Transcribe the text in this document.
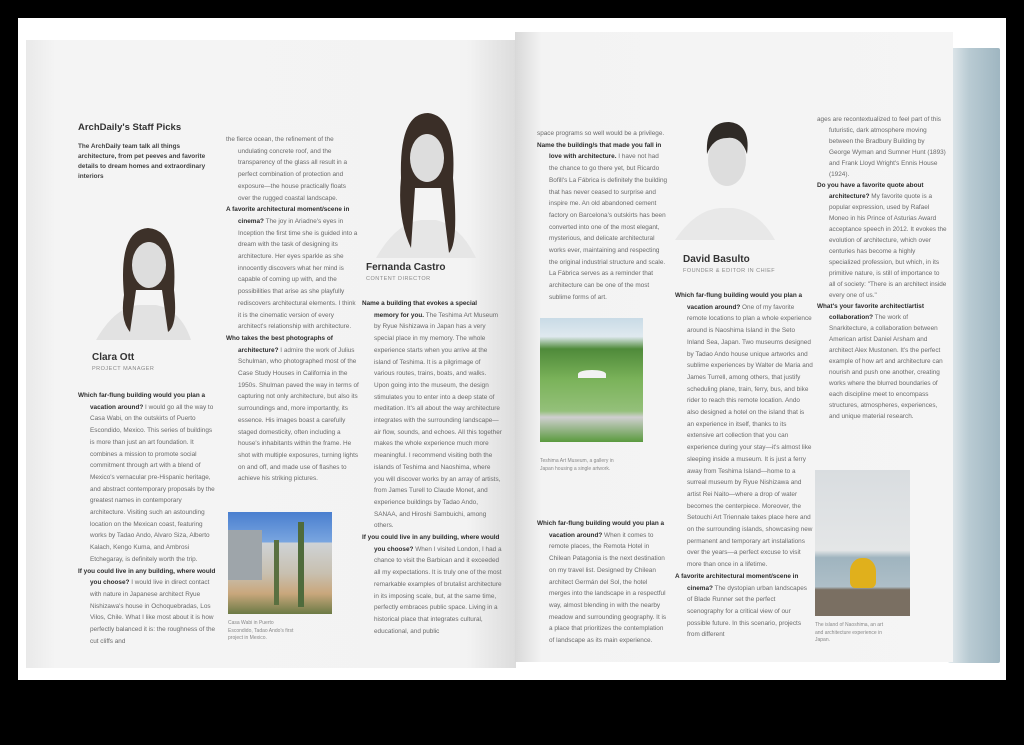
ArchDaily's Staff Picks
The ArchDaily team talk all things architecture, from pet peeves and favorite details to dream homes and extraordinary interiors
Clara Ott
PROJECT MANAGER

Which far-flung building would you plan a vacation around? I would go all the way to Casa Wabi, on the outskirts of Puerto Escondido, Mexico. This series of buildings is more than just an art foundation. It combines a mission to promote social commitment through art with a blend of Mexico's vernacular pre-Hispanic heritage, and abstract contemporary proposals by the greatest names in contemporary architecture. Visiting such an astounding location on the Mexican coast, featuring works by Tadao Ando, Alvaro Siza, Alberto Kalach, Kengo Kuma, and Ambrosi Etchegaray, is definitely worth the trip.

If you could live in any building, where would you choose? I would live in direct contact with nature in Japanese architect Ryue Nishizawa's house in Ochoquebradas, Los Vilos, Chile. What I like most about it is how perfectly balanced it is: the roughness of the cut cliffs and

the fierce ocean, the refinement of the undulating concrete roof, and the transparency of the glass all result in a perfect combination of protection and exposure—the house practically floats over the rugged coastal landscape.

A favorite architectural moment/scene in cinema? The joy in Ariadne's eyes in Inception the first time she is guided into a dream with the task of designing its architecture. Her eyes sparkle as she innocently discovers what her mind is capable of coming up with, and the possibilities that arise as she playfully rediscovers architectural elements. I think it is the cinematic version of every architect's relationship with architecture.

Who takes the best photographs of architecture? I admire the work of Julius Schulman, who photographed most of the Case Study Houses in California in the 1950s. Shulman paved the way in terms of capturing not only architecture, but also its surroundings and, more importantly, its essence. His images boast a carefully staged domesticity, often including a house's inhabitants within the frame. He shot with multiple exposures, turning lights on and off, and made use of flashes to achieve his striking pictures.

Casa Wabi in Puerto Escondido, Tadao Ando's first project in Mexico.
Fernanda Castro
CONTENT DIRECTOR

Name a building that evokes a special memory for you. The Teshima Art Museum by Ryue Nishizawa in Japan has a very special place in my memory. The whole experience starts when you arrive at the island of Teshima. It is a pilgrimage of various routes, trains, boats, and walks. Upon going into the museum, the design stimulates you to enter into a deep state of meditation. It's all about the way architecture integrates with the surrounding landscape—air flow, sounds, and echoes. All this together makes the whole experience much more meaningful. I recommend visiting both the islands of Teshima and Naoshima, where you will discover works by an array of artists, from James Turell to Claude Monet, and experience buildings by Tadao Ando, SANAA, and Hiroshi Sambuichi, among others.

If you could live in any building, where would you choose? When I visited London, I had a chance to visit the Barbican and it exceeded all my expectations. It is truly one of the most remarkable examples of brutalist architecture in its imposing scale, but, at the same time, perfectly embraces public space. Living in a historical place that integrates cultural, educational, and public

space programs so well would be a privilege.

Name the building/s that made you fall in love with architecture. I have not had the chance to go there yet, but Ricardo Bofill's La Fábrica is definitely the building that has never ceased to surprise and inspire me. An old abandoned cement factory on Barcelona's outskirts has been converted into one of the most elegant, mysterious, and delicate architectural works ever, maintaining and respecting the original industrial structure and scale. La Fábrica serves as a reminder that architecture can be one of the most sublime forms of art.

Teshima Art Museum, a gallery in Japan housing a single artwork.

Which far-flung building would you plan a vacation around? When it comes to remote places, the Remota Hotel in Chilean Patagonia is the next destination on my travel list. Designed by Chilean architect Germán del Sol, the hotel merges into the landscape in a respectful way, almost blending in with the nearby meadow and surrounding geography. It is a place that prioritizes the contemplation of landscape as its main experience.

David Basulto
FOUNDER & EDITOR IN CHIEF

Which far-flung building would you plan a vacation around? One of my favorite remote locations to plan a whole experience around is Naoshima Island in the Seto Inland Sea, Japan. Two museums designed by Tadao Ando house unique artworks and sublime experiences by Walter de Maria and James Turrell, among others, that justify scheduling plane, train, ferry, bus, and bike rider to reach this remote location. Ando also designed a hotel on the island that is an experience in itself, thanks to its extensive art collection that you can experience during your stay—it's almost like sleeping inside a museum. It is just a ferry away from Teshima Island—home to a surreal museum by Ryue Nishizawa and artist Rei Naito—where a drop of water becomes the centerpiece. Moreover, the Setouchi Art Triennale takes place here and on the surrounding islands, showcasing new permanent and temporary art installations over the years—a perfect excuse to visit more than once in a lifetime.

A favorite architectural moment/scene in cinema? The dystopian urban landscapes of Blade Runner set the perfect scenography for a critical view of our possible future. In this scenario, projects from different

ages are recontextualized to feel part of this futuristic, dark atmosphere moving between the Bradbury Building by George Wyman and Sumner Hunt (1893) and Frank Lloyd Wright's Ennis House (1924).

Do you have a favorite quote about architecture? My favorite quote is a popular expression, used by Rafael Moneo in his Prince of Asturias Award acceptance speech in 2012. It evokes the evolution of architecture, which over centuries has become a highly specialized profession, but which, in its primitive nature, is still of importance to all of society: "There is an architect inside every one of us."

What's your favorite architect/artist collaboration? The work of Snarkitecture, a collaboration between American artist Daniel Arsham and architect Alex Mustonen. It's the perfect example of how art and architecture can nourish and push one another, creating works where the blurred boundaries of each discipline meet to encompass structures, atmospheres, experiences, and unique material research.

The island of Naoshima, an art and architecture experience in Japan.
